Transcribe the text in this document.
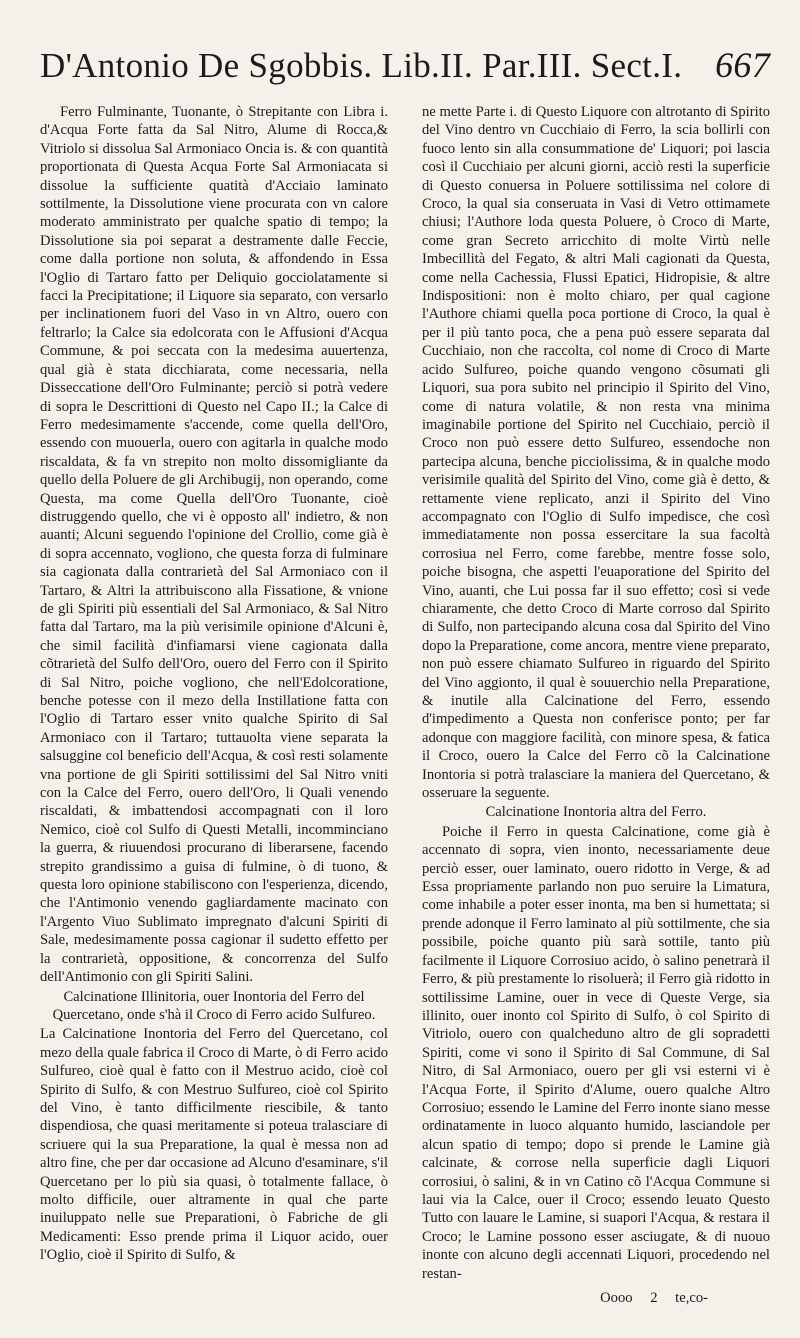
D'Antonio De Sgobbis. Lib.II. Par.III. Sect.I. 667

Ferro Fulminante, Tuonante, ò Strepitante con Libra i. d'Acqua Forte fatta da Sal Nitro, Alume di Rocca,& Vitriolo si dissolua Sal Armoniaco Oncia is. & con quantità proportionata di Questa Acqua Forte Sal Armoniacata si dissolue la sufficiente quatità d'Acciaio laminato sottilmente, la Dissolutione viene procurata con vn calore moderato amministrato per qualche spatio di tempo; la Dissolutione sia poi separat a destramente dalle Feccie, come dalla portione non soluta, & affondendo in Essa l'Oglio di Tartaro fatto per Deliquio gocciolatamente si facci la Precipitatione; il Liquore sia separato, con versarlo per inclinationem fuori del Vaso in vn Altro, ouero con feltrarlo; la Calce sia edolcorata con le Affusioni d'Acqua Commune, & poi seccata con la medesima auuertenza, qual già è stata dicchiarata, come necessaria, nella Disseccatione dell'Oro Fulminante; perciò si potrà vedere di sopra le Descrittioni di Questo nel Capo II.; la Calce di Ferro medesimamente s'accende, come quella dell'Oro, essendo con muouerla, ouero con agitarla in qualche modo riscaldata, & fa vn strepito non molto dissomigliante da quello della Poluere de gli Archibugij, non operando, come Questa, ma come Quella dell'Oro Tuonante, cioè distruggendo quello, che vi è opposto all' indietro, & non auanti; Alcuni seguendo l'opinione del Crollio, come già è di sopra accennato, vogliono, che questa forza di fulminare sia cagionata dalla contrarietà del Sal Armoniaco con il Tartaro, & Altri la attribuiscono alla Fissatione, & vnione de gli Spiriti più essentiali del Sal Armoniaco, & Sal Nitro fatta dal Tartaro, ma la più verisimile opinione d'Alcuni è, che simil facilità d'infiamarsi viene cagionata dalla cõtrarietà del Sulfo dell'Oro, ouero del Ferro con il Spirito di Sal Nitro, poiche vogliono, che nell'Edolcoratione, benche potesse con il mezo della Instillatione fatta con l'Oglio di Tartaro esser vnito qualche Spirito di Sal Armoniaco con il Tartaro; tuttauolta viene separata la salsuggine col beneficio dell'Acqua, & così resti solamente vna portione de gli Spiriti sottilissimi del Sal Nitro vniti con la Calce del Ferro, ouero dell'Oro, li Quali venendo riscaldati, & imbattendosi accompagnati con il loro Nemico, cioè col Sulfo di Questi Metalli, incomminciano la guerra, & riuuendosi procurano di liberarsene, facendo strepito grandissimo a guisa di fulmine, ò di tuono, & questa loro opinione stabiliscono con l'esperienza, dicendo, che l'Antimonio venendo gagliardamente macinato con l'Argento Viuo Sublimato impregnato d'alcuni Spiriti di Sale, medesimamente possa cagionar il sudetto effetto per la contrarietà, oppositione, & concorrenza del Sulfo dell'Antimonio con gli Spiriti Salini.

Calcinatione Illinitoria, ouer Inontoria del Ferro del Quercetano, onde s'hà il Croco di Ferro acido Sulfureo.

La Calcinatione Inontoria del Ferro del Quercetano, col mezo della quale fabrica il Croco di Marte, ò di Ferro acido Sulfureo, cioè qual è fatto con il Mestruo acido, cioè col Spirito di Sulfo, & con Mestruo Sulfureo, cioè col Spirito del Vino, è tanto difficilmente riescibile, & tanto dispendiosa, che quasi meritamente si poteua tralasciare di scriuere qui la sua Preparatione, la qual è messa non ad altro fine, che per dar occasione ad Alcuno d'esaminare, s'il Quercetano per lo più sia quasi, ò totalmente fallace, ò molto difficile, ouer altramente in qual che parte inuiluppato nelle sue Preparationi, ò Fabriche de gli Medicamenti: Esso prende prima il Liquor acido, ouer l'Oglio, cioè il Spirito di Sulfo, &

ne mette Parte i. di Questo Liquore con altrotanto di Spirito del Vino dentro vn Cucchiaio di Ferro, la scia bollirli con fuoco lento sin alla consummatione de' Liquori; poi lascia così il Cucchiaio per alcuni giorni, acciò resti la superficie di Questo conuersa in Poluere sottilissima nel colore di Croco, la qual sia conseruata in Vasi di Vetro ottimamete chiusi; l'Authore loda questa Poluere, ò Croco di Marte, come gran Secreto arricchito di molte Virtù nelle Imbecillità del Fegato, & altri Mali cagionati da Questa, come nella Cachessia, Flussi Epatici, Hidropisie, & altre Indispositioni: non è molto chiaro, per qual cagione l'Authore chiami quella poca portione di Croco, la qual è per il più tanto poca, che a pena può essere separata dal Cucchiaio, non che raccolta, col nome di Croco di Marte acido Sulfureo, poiche quando vengono cõsumati gli Liquori, sua pora subito nel principio il Spirito del Vino, come di natura volatile, & non resta vna minima imaginabile portione del Spirito nel Cucchiaio, perciò il Croco non può essere detto Sulfureo, essendoche non partecipa alcuna, benche picciolissima, & in qualche modo verisimile qualità del Spirito del Vino, come già è detto, & rettamente viene replicato, anzi il Spirito del Vino accompagnato con l'Oglio di Sulfo impedisce, che così immediatamente non possa essercitare la sua facoltà corrosiua nel Ferro, come farebbe, mentre fosse solo, poiche bisogna, che aspetti l'euaporatione del Spirito del Vino, auanti, che Lui possa far il suo effetto; così si vede chiaramente, che detto Croco di Marte corroso dal Spirito di Sulfo, non partecipando alcuna cosa dal Spirito del Vino dopo la Preparatione, come ancora, mentre viene preparato, non può essere chiamato Sulfureo in riguardo del Spirito del Vino aggionto, il qual è souuerchio nella Preparatione, & inutile alla Calcinatione del Ferro, essendo d'impedimento a Questa non conferisce ponto; per far adonque con maggiore facilità, con minore spesa, & fatica il Croco, ouero la Calce del Ferro cõ la Calcinatione Inontoria si potrà tralasciare la maniera del Quercetano, & osseruare la seguente.

Calcinatione Inontoria altra del Ferro.

Poiche il Ferro in questa Calcinatione, come già è accennato di sopra, vien inonto, necessariamente deue perciò esser, ouer laminato, ouero ridotto in Verge, & ad Essa propriamente parlando non puo seruire la Limatura, come inhabile a poter esser inonta, ma ben si humettata; si prende adonque il Ferro laminato al più sottilmente, che sia possibile, poiche quanto più sarà sottile, tanto più facilmente il Liquore Corrosiuo acido, ò salino penetrarà il Ferro, & più prestamente lo risoluerà; il Ferro già ridotto in sottilissime Lamine, ouer in vece di Queste Verge, sia illinito, ouer inonto col Spirito di Sulfo, ò col Spirito di Vitriolo, ouero con qualcheduno altro de gli sopradetti Spiriti, come vi sono il Spirito di Sal Commune, di Sal Nitro, di Sal Armoniaco, ouero per gli vsi esterni vi è l'Acqua Forte, il Spirito d'Alume, ouero qualche Altro Corrosiuo; essendo le Lamine del Ferro inonte siano messe ordinatamente in luoco alquanto humido, lasciandole per alcun spatio di tempo; dopo si prende le Lamine già calcinate, & corrose nella superficie dagli Liquori corrosiui, ò salini, & in vn Catino cõ l'Acqua Commune si laui via la Calce, ouer il Croco; essendo leuato Questo Tutto con lauare le Lamine, si suapori l'Acqua, & restara il Croco; le Lamine possono esser asciugate, & di nuouo inonte con alcuno degli accennati Liquori, procedendo nel restan-

Oooo 2 te,co-
